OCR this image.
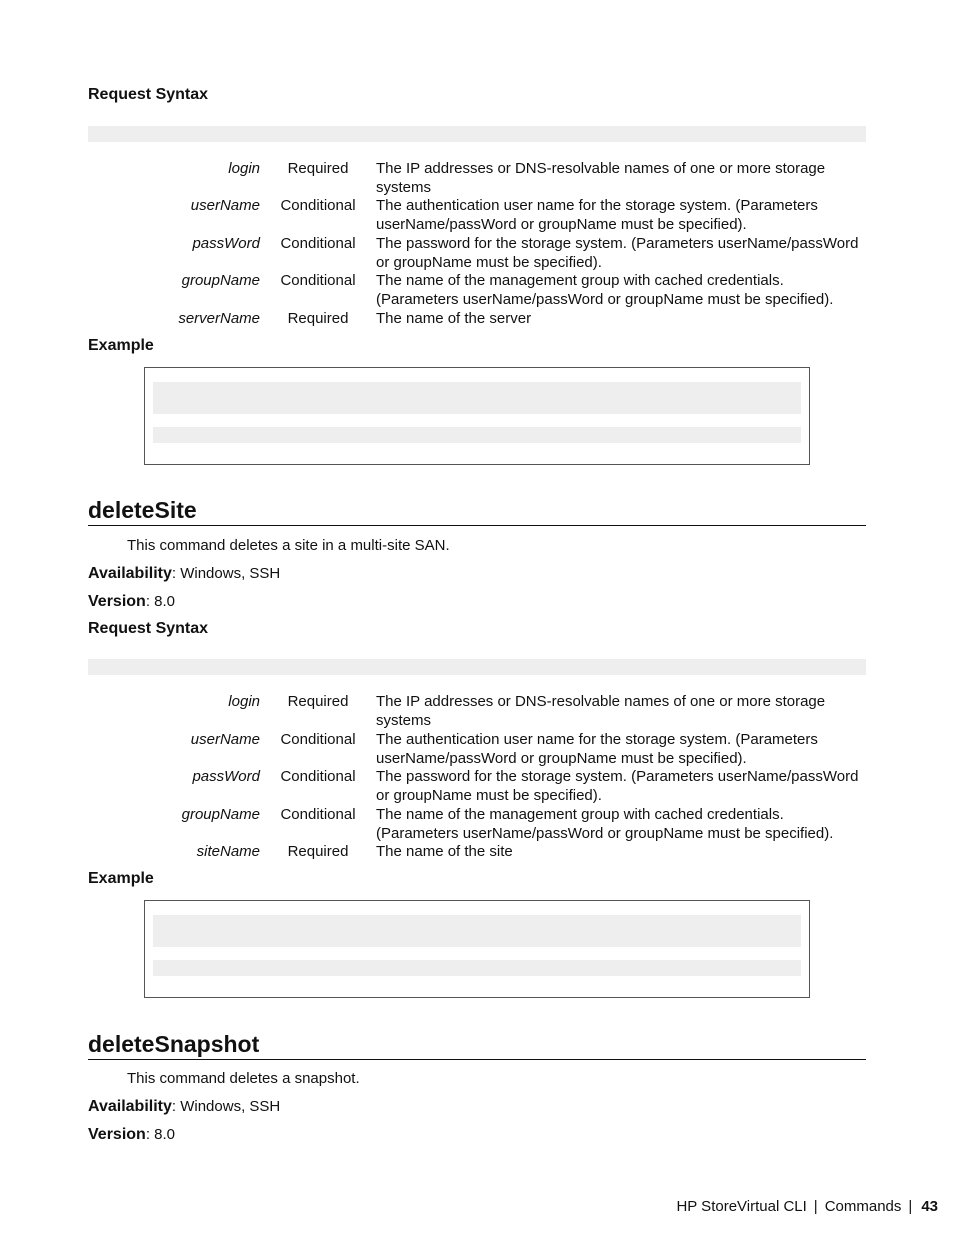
Request Syntax
login	Required	The IP addresses or DNS-resolvable names of one or more storage systems
userName	Conditional	The authentication user name for the storage system. (Parameters userName/passWord or groupName must be specified).
passWord	Conditional	The password for the storage system. (Parameters userName/passWord or groupName must be specified).
groupName	Conditional	The name of the management group with cached credentials. (Parameters userName/passWord or groupName must be specified).
serverName	Required	The name of the server
Example
deleteSite
This command deletes a site in a multi-site SAN.
Availability: Windows, SSH
Version: 8.0
Request Syntax
login	Required	The IP addresses or DNS-resolvable names of one or more storage systems
userName	Conditional	The authentication user name for the storage system. (Parameters userName/passWord or groupName must be specified).
passWord	Conditional	The password for the storage system. (Parameters userName/passWord or groupName must be specified).
groupName	Conditional	The name of the management group with cached credentials. (Parameters userName/passWord or groupName must be specified).
siteName	Required	The name of the site
Example
deleteSnapshot
This command deletes a snapshot.
Availability: Windows, SSH
Version: 8.0
HP StoreVirtual CLI | Commands | 43
